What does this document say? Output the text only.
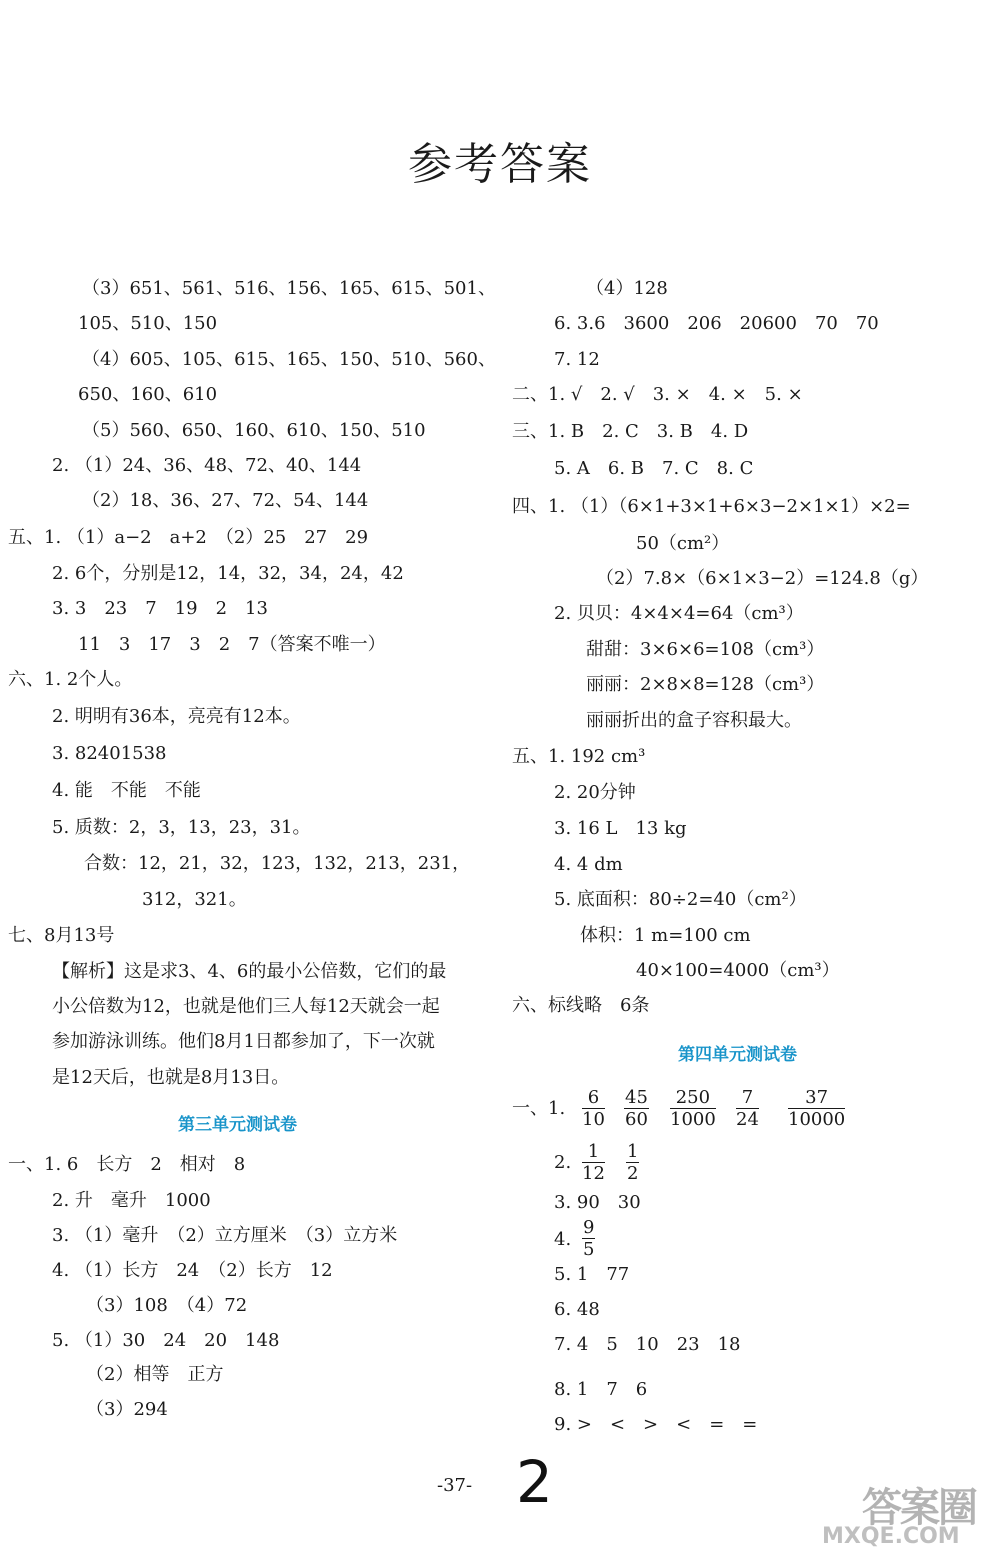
参考答案
（3）651、561、516、156、165、615、501、
105、510、150
（4）605、105、615、165、150、510、560、
650、160、610
（5）560、650、160、610、150、510
2. （1）24、36、48、72、40、144
（2）18、36、27、72、54、144
五、1. （1）a−2　a+2　（2）25　27　29
2. 6个，分别是12，14，32，34，24，42
3. 3　23　7　19　2　13
11　3　17　3　2　7（答案不唯一）
六、1. 2个人。
2. 明明有36本，亮亮有12本。
3. 82401538
4. 能　不能　不能
5. 质数：2，3，13，23，31。
合数：12，21，32，123，132，213，231，
312，321。
七、8月13号
【解析】这是求3、4、6的最小公倍数，它们的最
小公倍数为12，也就是他们三人每12天就会一起
参加游泳训练。他们8月1日都参加了，下一次就
是12天后，也就是8月13日。
第三单元测试卷
一、1. 6　长方　2　相对　8
2. 升　毫升　1000
3. （1）毫升　（2）立方厘米　（3）立方米
4. （1）长方　24　（2）长方　12
（3）108　（4）72
5. （1）30　24　20　148
（2）相等　正方
（3）294
（4）128
6. 3.6　3600　206　20600　70　70
7. 12
二、1. √　2. √　3. ×　4. ×　5. ×
三、1. B　2. C　3. B　4. D
5. A　6. B　7. C　8. C
四、1. （1）（6×1+3×1+6×3−2×1×1）×2=
50（cm²）
（2）7.8×（6×1×3−2）=124.8（g）
2. 贝贝：4×4×4=64（cm³）
甜甜：3×6×6=108（cm³）
丽丽：2×8×8=128（cm³）
丽丽折出的盒子容积最大。
五、1. 192 cm³
2. 20分钟
3. 16 L　13 kg
4. 4 dm
5. 底面积：80÷2=40（cm²）
体积：1 m=100 cm
40×100=4000（cm³）
六、标线略　6条
第四单元测试卷
一、1. $\frac{6}{10} \frac{45}{60} \frac{250}{1000} \frac{7}{24} \frac{37}{10000}$
2. $\frac{1}{12} \frac{1}{2}$
3. 90　30
4. $\frac{9}{5}$
5. 1　77
6. 48
7. 4　5　10　23　18
8. 1　7　6
9. >　<　>　<　=　=
-37- 2	答案圈
MXQE.COM
